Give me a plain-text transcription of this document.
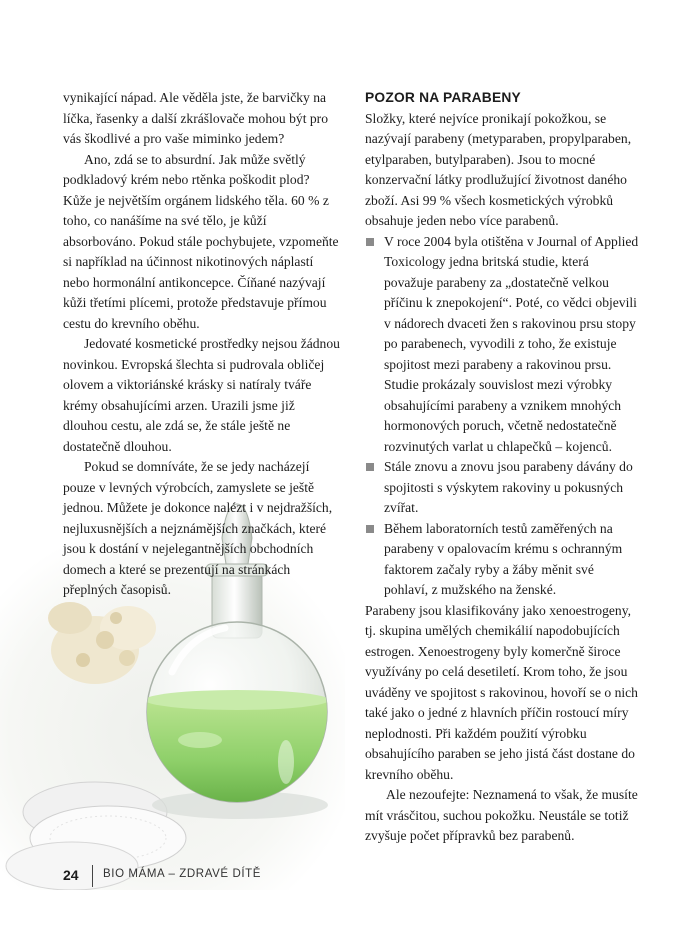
vynikající nápad. Ale věděla jste, že barvičky na líčka, řasenky a další zkrášlovače mohou být pro vás škodlivé a pro vaše miminko jedem?

Ano, zdá se to absurdní. Jak může světlý podkladový krém nebo rtěnka poškodit plod? Kůže je největším orgánem lidského těla. 60 % z toho, co nanášíme na své tělo, je kůží absorbováno. Pokud stále pochybujete, vzpomeňte si například na účinnost nikotinových náplastí nebo hormonální antikoncepce. Číňané nazývají kůži třetími plícemi, protože představuje přímou cestu do krevního oběhu.

Jedovaté kosmetické prostředky nejsou žádnou novinkou. Evropská šlechta si pudrovala obličej olovem a viktoriánské krásky si natíraly tváře krémy obsahujícími arzen. Urazili jsme již dlouhou cestu, ale zdá se, že stále ještě ne dostatečně dlouhou.

Pokud se domníváte, že se jedy nacházejí pouze v levných výrobcích, zamyslete se ještě jednou. Můžete je dokonce nalézt i v nejdražších, nejluxusnějších a nejznámějších značkách, které jsou k dostání v nejelegantnějších obchodních domech a které se prezentují na stránkách přeplných časopisů.

POZOR NA PARABENY

Složky, které nejvíce pronikají pokožkou, se nazývají parabeny (metyparaben, propylparaben, etylparaben, butylparaben). Jsou to mocné konzervační látky prodlužující životnost daného zboží. Asi 99 % všech kosmetických výrobků obsahuje jeden nebo více parabenů.

V roce 2004 byla otištěna v Journal of Applied Toxicology jedna britská studie, která považuje parabeny za „dostatečně velkou příčinu k znepokojení“. Poté, co vědci objevili v nádorech dvaceti žen s rakovinou prsu stopy po parabenech, vyvodili z toho, že existuje spojitost mezi parabeny a rakovinou prsu. Studie prokázaly souvislost mezi výrobky obsahujícími parabeny a vznikem mnohých hormonových poruch, včetně nedostatečně rozvinutých varlat u chlapečků – kojenců.
Stále znovu a znovu jsou parabeny dávány do spojitosti s výskytem rakoviny u pokusných zvířat.
Během laboratorních testů zaměřených na parabeny v opalovacím krému s ochranným faktorem začaly ryby a žáby měnit své pohlaví, z mužského na ženské.

Parabeny jsou klasifikovány jako xenoestrogeny, tj. skupina umělých chemikálií napodobujících estrogen. Xenoestrogeny byly komerčně široce využívány po celá desetiletí. Krom toho, že jsou uváděny ve spojitost s rakovinou, hovoří se o nich také jako o jedné z hlavních příčin rostoucí míry neplodnosti. Při každém použití výrobku obsahujícího paraben se jeho jistá část dostane do krevního oběhu.

Ale nezoufejte: Neznamená to však, že musíte mít vrásčitou, suchou pokožku. Neustále se totiž zvyšuje počet přípravků bez parabenů.

24 BIO MÁMA – ZDRAVÉ DÍTĚ
